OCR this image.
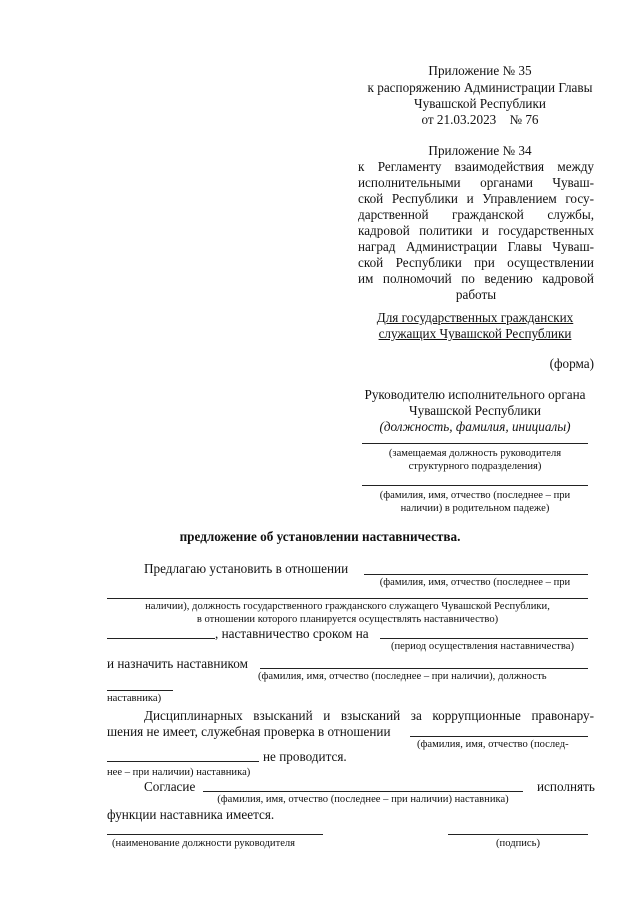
Приложение № 35
к распоряжению Администрации Главы
Чувашской Республики
от 21.03.2023    № 76
Приложение № 34
к Регламенту взаимодействия между
исполнительными органами Чуваш-
ской Республики и Управлением госу-
дарственной гражданской службы,
кадровой политики и государственных
наград Администрации Главы Чуваш-
ской Республики при осуществлении
им полномочий по ведению кадровой
работы
Для государственных гражданских
служащих Чувашской Республики
(форма)
Руководителю исполнительного органа
Чувашской Республики
(должность, фамилия, инициалы)
(замещаемая должность руководителя
структурного подразделения)
(фамилия, имя, отчество (последнее – при
наличии) в родительном падеже)
предложение об установлении наставничества.
Предлагаю установить в отношении
(фамилия, имя, отчество (последнее – при
наличии), должность государственного гражданского служащего Чувашской Республики,
в отношении которого планируется осуществлять наставничество)
, наставничество сроком на
(период осуществления наставничества)
и назначить наставником
(фамилия, имя, отчество (последнее – при наличии), должность
наставника)
Дисциплинарных взысканий и взысканий за коррупционные правонару-
шения не имеет, служебная проверка в отношении
(фамилия, имя, отчество (послед-
не проводится.
нее – при наличии) наставника)
Согласие	исполнять
(фамилия, имя, отчество (последнее – при наличии) наставника)
функции наставника имеется.
(наименование должности руководителя	(подпись)
